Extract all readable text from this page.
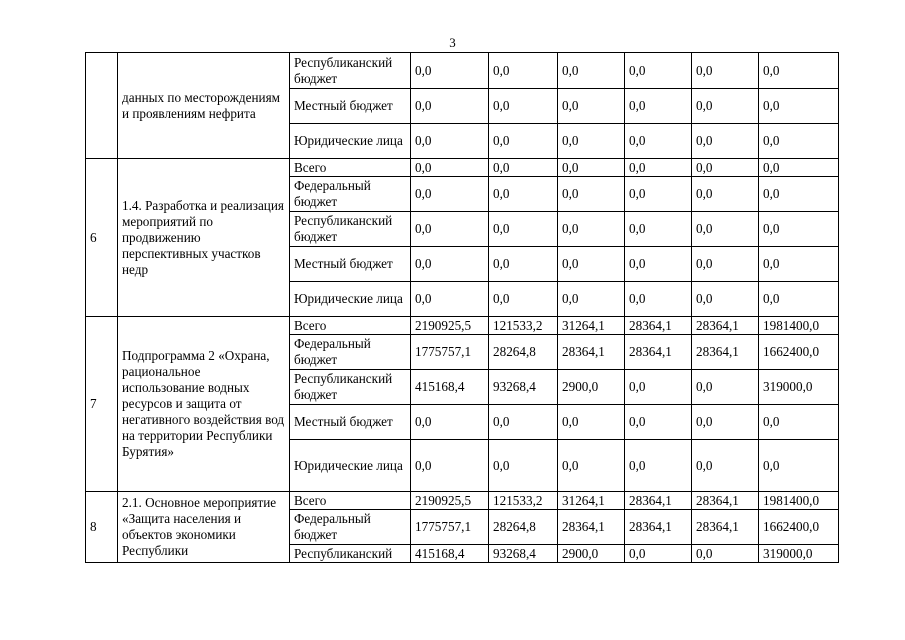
3
	данных по месторождениям и проявлениям нефрита	Республиканский бюджет	0,0	0,0	0,0	0,0	0,0	0,0
		Местный бюджет	0,0	0,0	0,0	0,0	0,0	0,0
		Юридические лица	0,0	0,0	0,0	0,0	0,0	0,0
6	1.4. Разработка и реализация мероприятий по продвижению перспективных участков недр	Всего	0,0	0,0	0,0	0,0	0,0	0,0
		Федеральный бюджет	0,0	0,0	0,0	0,0	0,0	0,0
		Республиканский бюджет	0,0	0,0	0,0	0,0	0,0	0,0
		Местный бюджет	0,0	0,0	0,0	0,0	0,0	0,0
		Юридические лица	0,0	0,0	0,0	0,0	0,0	0,0
7	Подпрограмма 2 «Охрана, рациональное использование водных ресурсов и защита от негативного воздействия вод на территории Республики Бурятия»	Всего	2190925,5	121533,2	31264,1	28364,1	28364,1	1981400,0
		Федеральный бюджет	1775757,1	28264,8	28364,1	28364,1	28364,1	1662400,0
		Республиканский бюджет	415168,4	93268,4	2900,0	0,0	0,0	319000,0
		Местный бюджет	0,0	0,0	0,0	0,0	0,0	0,0
		Юридические лица	0,0	0,0	0,0	0,0	0,0	0,0
8	2.1. Основное мероприятие «Защита населения и объектов экономики Республики	Всего	2190925,5	121533,2	31264,1	28364,1	28364,1	1981400,0
		Федеральный бюджет	1775757,1	28264,8	28364,1	28364,1	28364,1	1662400,0
		Республиканский	415168,4	93268,4	2900,0	0,0	0,0	319000,0
